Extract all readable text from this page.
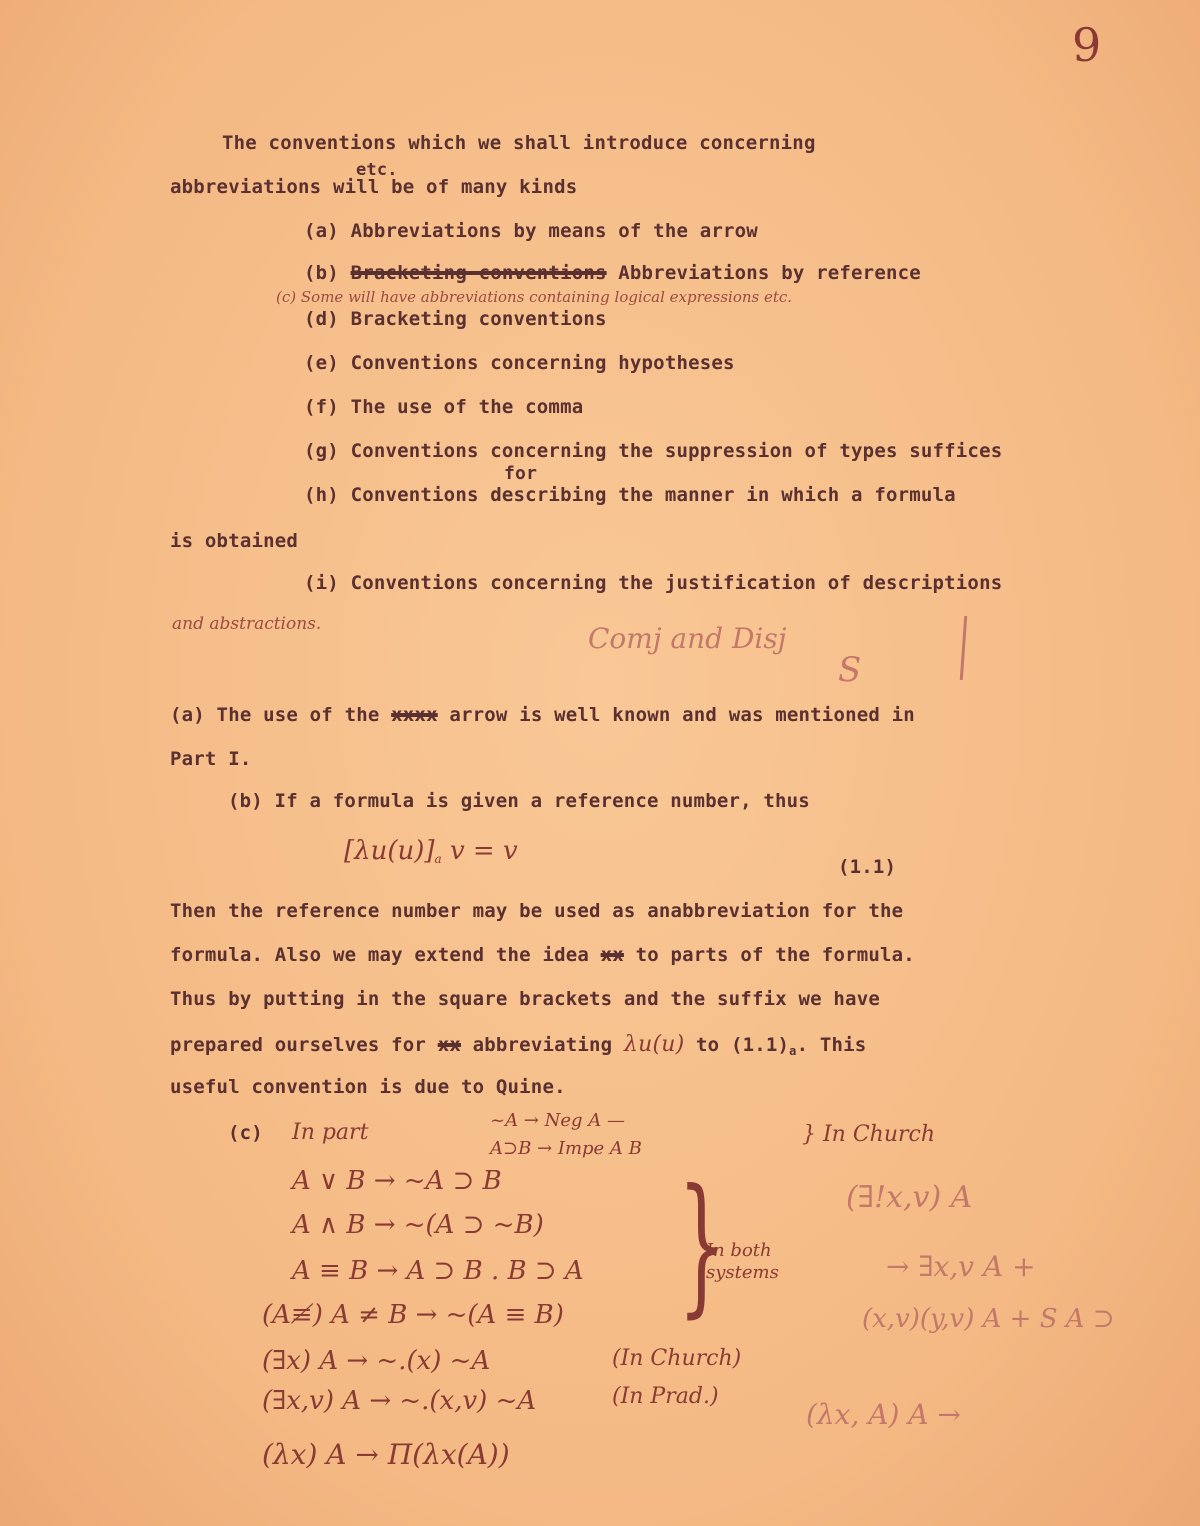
9
The conventions which we shall introduce concerning
etc.
abbreviations will be of many kinds
(a) Abbreviations by means of the arrow
(b) Bracketing conventions Abbreviations by reference
(c) Some will have abbreviations containing logical expressions etc.
(d) Bracketing conventions
(e) Conventions concerning hypotheses
(f) The use of the comma
(g) Conventions concerning the suppression of types suffices
for
(h) Conventions describing the manner in which a formula
is obtained
(i) Conventions concerning the justification of descriptions
and abstractions.	Comj and Disj
S
(a) The use of the xxxx arrow is well known and was mentioned in
Part I.
(b) If a formula is given a reference number, thus
$[\lambda u(u)]_a$ v = v
(1.1)
Then the reference number may be used as anabbreviation for the
formula. Also we may extend the idea xx to parts of the formula.
Thus by putting in the square brackets and the suffix we have
prepared ourselves for xx abbreviating λu(u) to $(1.1)_a$. This
useful convention is due to Quine.
(c) In part	~A → Neg A —
A⊃B → Impe A B
} In Church
A ∨ B → ~A ⊃ B
A ∧ B → ~(A ⊃ ~B)
A ≡ B → A ⊃ B . B ⊃ A
(A≢) A ≠ B → ~(A ≡ B) }
In both systems
(∃x) A → ~.(x) ~A	(In Church)
(∃x,v) A → ~.(x,v) ~A	(In Prad.)
(λx) A → Π(λx(A))
(∃!x,v) A
→ ∃x,v A +
(x,v)(y,v) A + S A ⊃
(λx, A) A →
